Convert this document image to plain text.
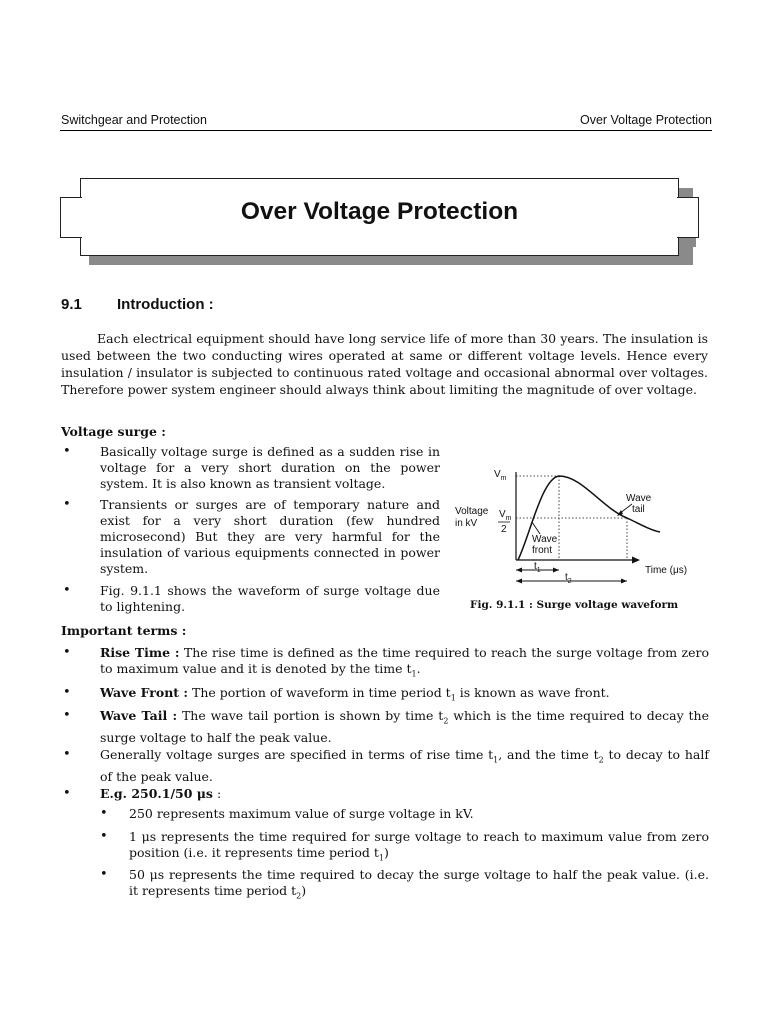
Switchgear and Protection	Over Voltage Protection
Over Voltage Protection
9.1 Introduction :
Each electrical equipment should have long service life of more than 30 years. The insulation is used between the two conducting wires operated at same or different voltage levels. Hence every insulation / insulator is subjected to continuous rated voltage and occasional abnormal over voltages. Therefore power system engineer should always think about limiting the magnitude of over voltage.
Voltage surge :
• Basically voltage surge is defined as a sudden rise in voltage for a very short duration on the power system. It is also known as transient voltage.
• Transients or surges are of temporary nature and exist for a very short duration (few hundred microsecond) But they are very harmful for the insulation of various equipments connected in power system.
• Fig. 9.1.1 shows the waveform of surge voltage due to lightening.
$V_m$
Voltage
in kV
$V_m$
2
Wave
tail
Wave
front
$t_1$
$t_2$
Time (μs)
Fig. 9.1.1 : Surge voltage waveform
Important terms :
• Rise Time : The rise time is defined as the time required to reach the surge voltage from zero to maximum value and it is denoted by the time $t_1$.
• Wave Front : The portion of waveform in time period $t_1$ is known as wave front.
• Wave Tail : The wave tail portion is shown by time $t_2$ which is the time required to decay the surge voltage to half the peak value.
• Generally voltage surges are specified in terms of rise time $t_1$, and the time $t_2$ to decay to half of the peak value.
• E.g. 250.1/50 μs :
• 250 represents maximum value of surge voltage in kV.
• 1 μs represents the time required for surge voltage to reach to maximum value from zero position (i.e. it represents time period $t_1$)
• 50 μs represents the time required to decay the surge voltage to half the peak value. (i.e. it represents time period $t_2$)
